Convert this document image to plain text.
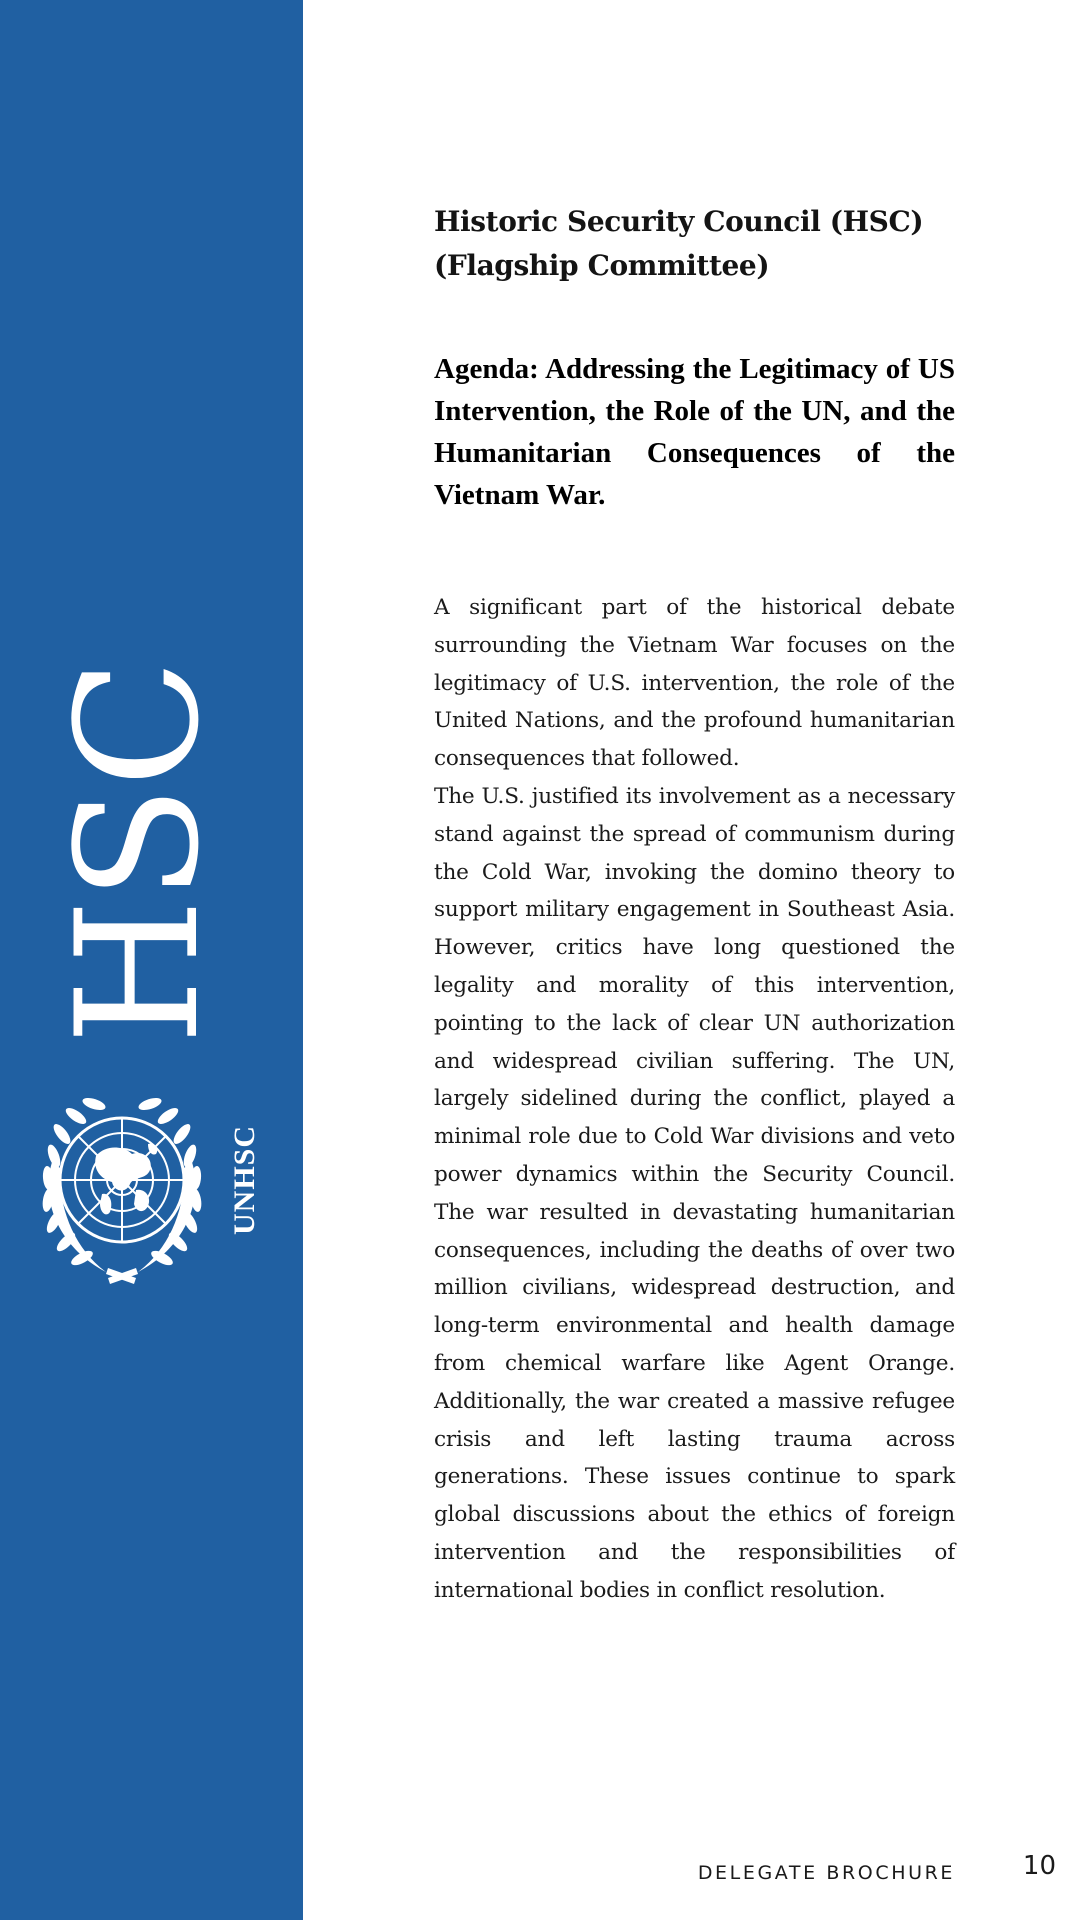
HSC
UNHSC
Historic Security Council (HSC)
(Flagship Committee)
Agenda: Addressing the Legitimacy of US Intervention, the Role of the UN, and the Humanitarian Consequences of the Vietnam War.

A significant part of the historical debate surrounding the Vietnam War focuses on the legitimacy of U.S. intervention, the role of the United Nations, and the profound humanitarian consequences that followed.
The U.S. justified its involvement as a necessary stand against the spread of communism during the Cold War, invoking the domino theory to support military engagement in Southeast Asia. However, critics have long questioned the legality and morality of this intervention, pointing to the lack of clear UN authorization and widespread civilian suffering. The UN, largely sidelined during the conflict, played a minimal role due to Cold War divisions and veto power dynamics within the Security Council. The war resulted in devastating humanitarian consequences, including the deaths of over two million civilians, widespread destruction, and long-term environmental and health damage from chemical warfare like Agent Orange. Additionally, the war created a massive refugee crisis and left lasting trauma across generations. These issues continue to spark global discussions about the ethics of foreign intervention and the responsibilities of international bodies in conflict resolution.

DELEGATE BROCHURE	10
